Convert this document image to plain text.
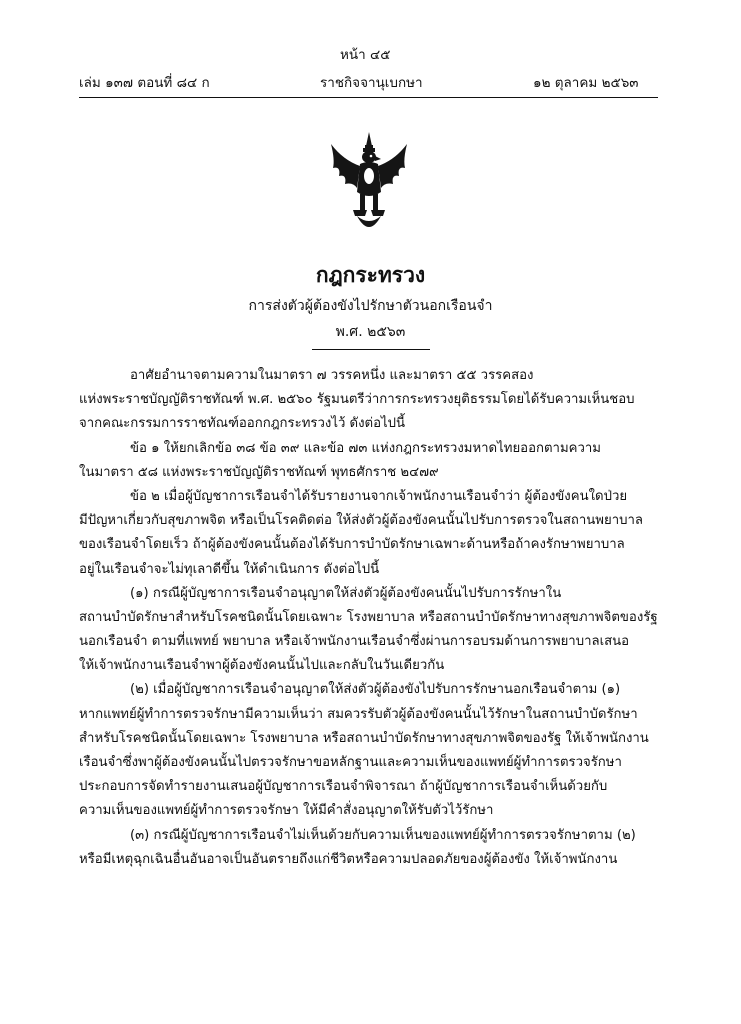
หน้า ๔๕
เล่ม ๑๓๗ ตอนที่ ๘๔ ก	ราชกิจจานุเบกษา	๑๒ ตุลาคม ๒๕๖๓
กฎกระทรวง
การส่งตัวผู้ต้องขังไปรักษาตัวนอกเรือนจำ
พ.ศ. ๒๕๖๓
อาศัยอำนาจตามความในมาตรา ๗ วรรคหนึ่ง และมาตรา ๕๕ วรรคสอง
แห่งพระราชบัญญัติราชทัณฑ์ พ.ศ. ๒๕๖๐ รัฐมนตรีว่าการกระทรวงยุติธรรมโดยได้รับความเห็นชอบ
จากคณะกรรมการราชทัณฑ์ออกกฎกระทรวงไว้ ดังต่อไปนี้
ข้อ ๑ ให้ยกเลิกข้อ ๓๘ ข้อ ๓๙ และข้อ ๗๓ แห่งกฎกระทรวงมหาดไทยออกตามความ
ในมาตรา ๕๘ แห่งพระราชบัญญัติราชทัณฑ์ พุทธศักราช ๒๔๗๙
ข้อ ๒ เมื่อผู้บัญชาการเรือนจำได้รับรายงานจากเจ้าพนักงานเรือนจำว่า ผู้ต้องขังคนใดป่วย
มีปัญหาเกี่ยวกับสุขภาพจิต หรือเป็นโรคติดต่อ ให้ส่งตัวผู้ต้องขังคนนั้นไปรับการตรวจในสถานพยาบาล
ของเรือนจำโดยเร็ว ถ้าผู้ต้องขังคนนั้นต้องได้รับการบำบัดรักษาเฉพาะด้านหรือถ้าคงรักษาพยาบาล
อยู่ในเรือนจำจะไม่ทุเลาดีขึ้น ให้ดำเนินการ ดังต่อไปนี้
(๑) กรณีผู้บัญชาการเรือนจำอนุญาตให้ส่งตัวผู้ต้องขังคนนั้นไปรับการรักษาใน
สถานบำบัดรักษาสำหรับโรคชนิดนั้นโดยเฉพาะ โรงพยาบาล หรือสถานบำบัดรักษาทางสุขภาพจิตของรัฐ
นอกเรือนจำ ตามที่แพทย์ พยาบาล หรือเจ้าพนักงานเรือนจำซึ่งผ่านการอบรมด้านการพยาบาลเสนอ
ให้เจ้าพนักงานเรือนจำพาผู้ต้องขังคนนั้นไปและกลับในวันเดียวกัน
(๒) เมื่อผู้บัญชาการเรือนจำอนุญาตให้ส่งตัวผู้ต้องขังไปรับการรักษานอกเรือนจำตาม (๑)
หากแพทย์ผู้ทำการตรวจรักษามีความเห็นว่า สมควรรับตัวผู้ต้องขังคนนั้นไว้รักษาในสถานบำบัดรักษา
สำหรับโรคชนิดนั้นโดยเฉพาะ โรงพยาบาล หรือสถานบำบัดรักษาทางสุขภาพจิตของรัฐ ให้เจ้าพนักงาน
เรือนจำซึ่งพาผู้ต้องขังคนนั้นไปตรวจรักษาขอหลักฐานและความเห็นของแพทย์ผู้ทำการตรวจรักษา
ประกอบการจัดทำรายงานเสนอผู้บัญชาการเรือนจำพิจารณา ถ้าผู้บัญชาการเรือนจำเห็นด้วยกับ
ความเห็นของแพทย์ผู้ทำการตรวจรักษา ให้มีคำสั่งอนุญาตให้รับตัวไว้รักษา
(๓) กรณีผู้บัญชาการเรือนจำไม่เห็นด้วยกับความเห็นของแพทย์ผู้ทำการตรวจรักษาตาม (๒)
หรือมีเหตุฉุกเฉินอื่นอันอาจเป็นอันตรายถึงแก่ชีวิตหรือความปลอดภัยของผู้ต้องขัง ให้เจ้าพนักงาน
